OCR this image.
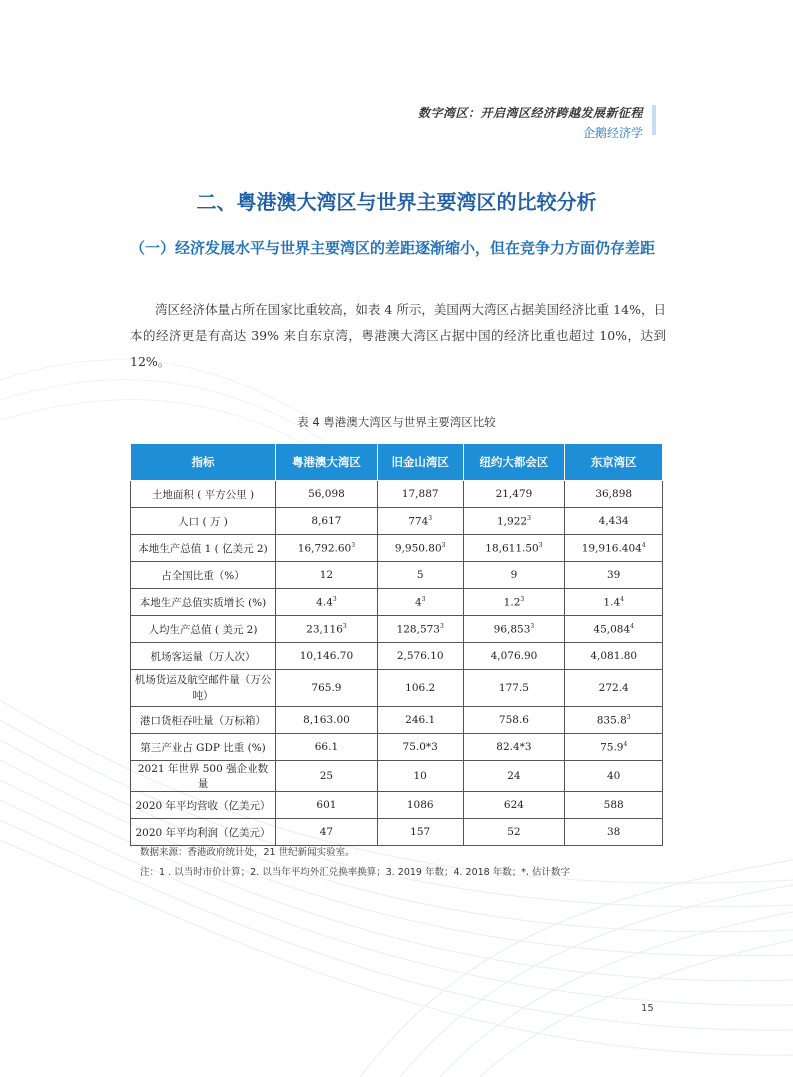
数字湾区：开启湾区经济跨越发展新征程
企鹅经济学
二、粤港澳大湾区与世界主要湾区的比较分析
（一）经济发展水平与世界主要湾区的差距逐渐缩小，但在竞争力方面仍存差距
湾区经济体量占所在国家比重较高，如表 4 所示，美国两大湾区占据美国经济比重 14%，日本的经济更是有高达 39% 来自东京湾，粤港澳大湾区占据中国的经济比重也超过 10%，达到 12%。
表 4 粤港澳大湾区与世界主要湾区比较
指标	粤港澳大湾区	旧金山湾区	纽约大都会区	东京湾区
土地面积 ( 平方公里 )	56,098	17,887	21,479	36,898
人口 ( 万 )	8,617	$774^3$	1,922$^3$	4,434
本地生产总值 1 ( 亿美元 2)	16,792.60$^3$	9,950.80$^3$	18,611.50$^3$	19,916.404$^4$
占全国比重（%）	12	5	9	39
本地生产总值实质增长 (%)	$4.4^3$	$4^3$	$1.2^3$	$1.4^4$
人均生产总值 ( 美元 2)	23,116$^3$	128,573$^3$	96,853$^3$	45,084$^4$
机场客运量（万人次）	10,146.70	2,576.10	4,076.90	4,081.80
机场货运及航空邮件量（万公吨）	765.9	106.2	177.5	272.4
港口货柜吞吐量（万标箱）	8,163.00	246.1	758.6	835.8$^3$
第三产业占 GDP 比重 (%)	66.1	75.0*3	82.4*3	75.9$^4$
2021 年世界 500 强企业数量	25	10	24	40
2020 年平均营收（亿美元）	601	1086	624	588
2020 年平均利润（亿美元）	47	157	52	38
数据来源：香港政府统计处，21 世纪新闻实验室。
注：1 . 以当时市价计算；2. 以当年平均外汇兑换率换算；3. 2019 年数；4. 2018 年数；*. 估计数字
15
